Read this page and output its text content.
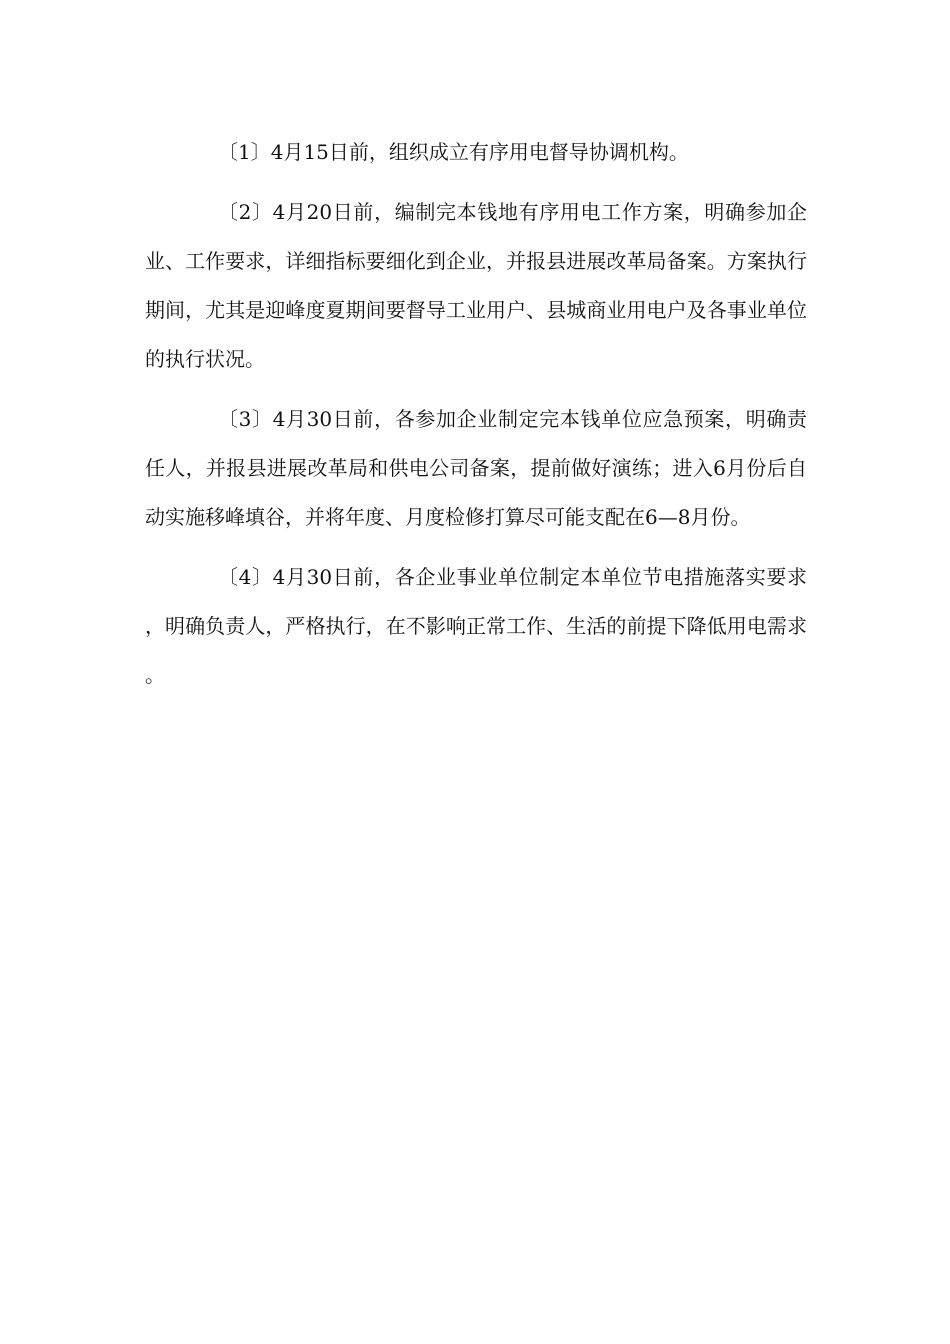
〔1〕4月15日前，组织成立有序用电督导协调机构。

〔2〕4月20日前，编制完本钱地有序用电工作方案，明确参加企业、工作要求，详细指标要细化到企业，并报县进展改革局备案。方案执行期间，尤其是迎峰度夏期间要督导工业用户、县城商业用电户及各事业单位的执行状况。

〔3〕4月30日前，各参加企业制定完本钱单位应急预案，明确责任人，并报县进展改革局和供电公司备案，提前做好演练；进入6月份后自动实施移峰填谷，并将年度、月度检修打算尽可能支配在6—8月份。

〔4〕4月30日前，各企业事业单位制定本单位节电措施落实要求，明确负责人，严格执行，在不影响正常工作、生活的前提下降低用电需求。
